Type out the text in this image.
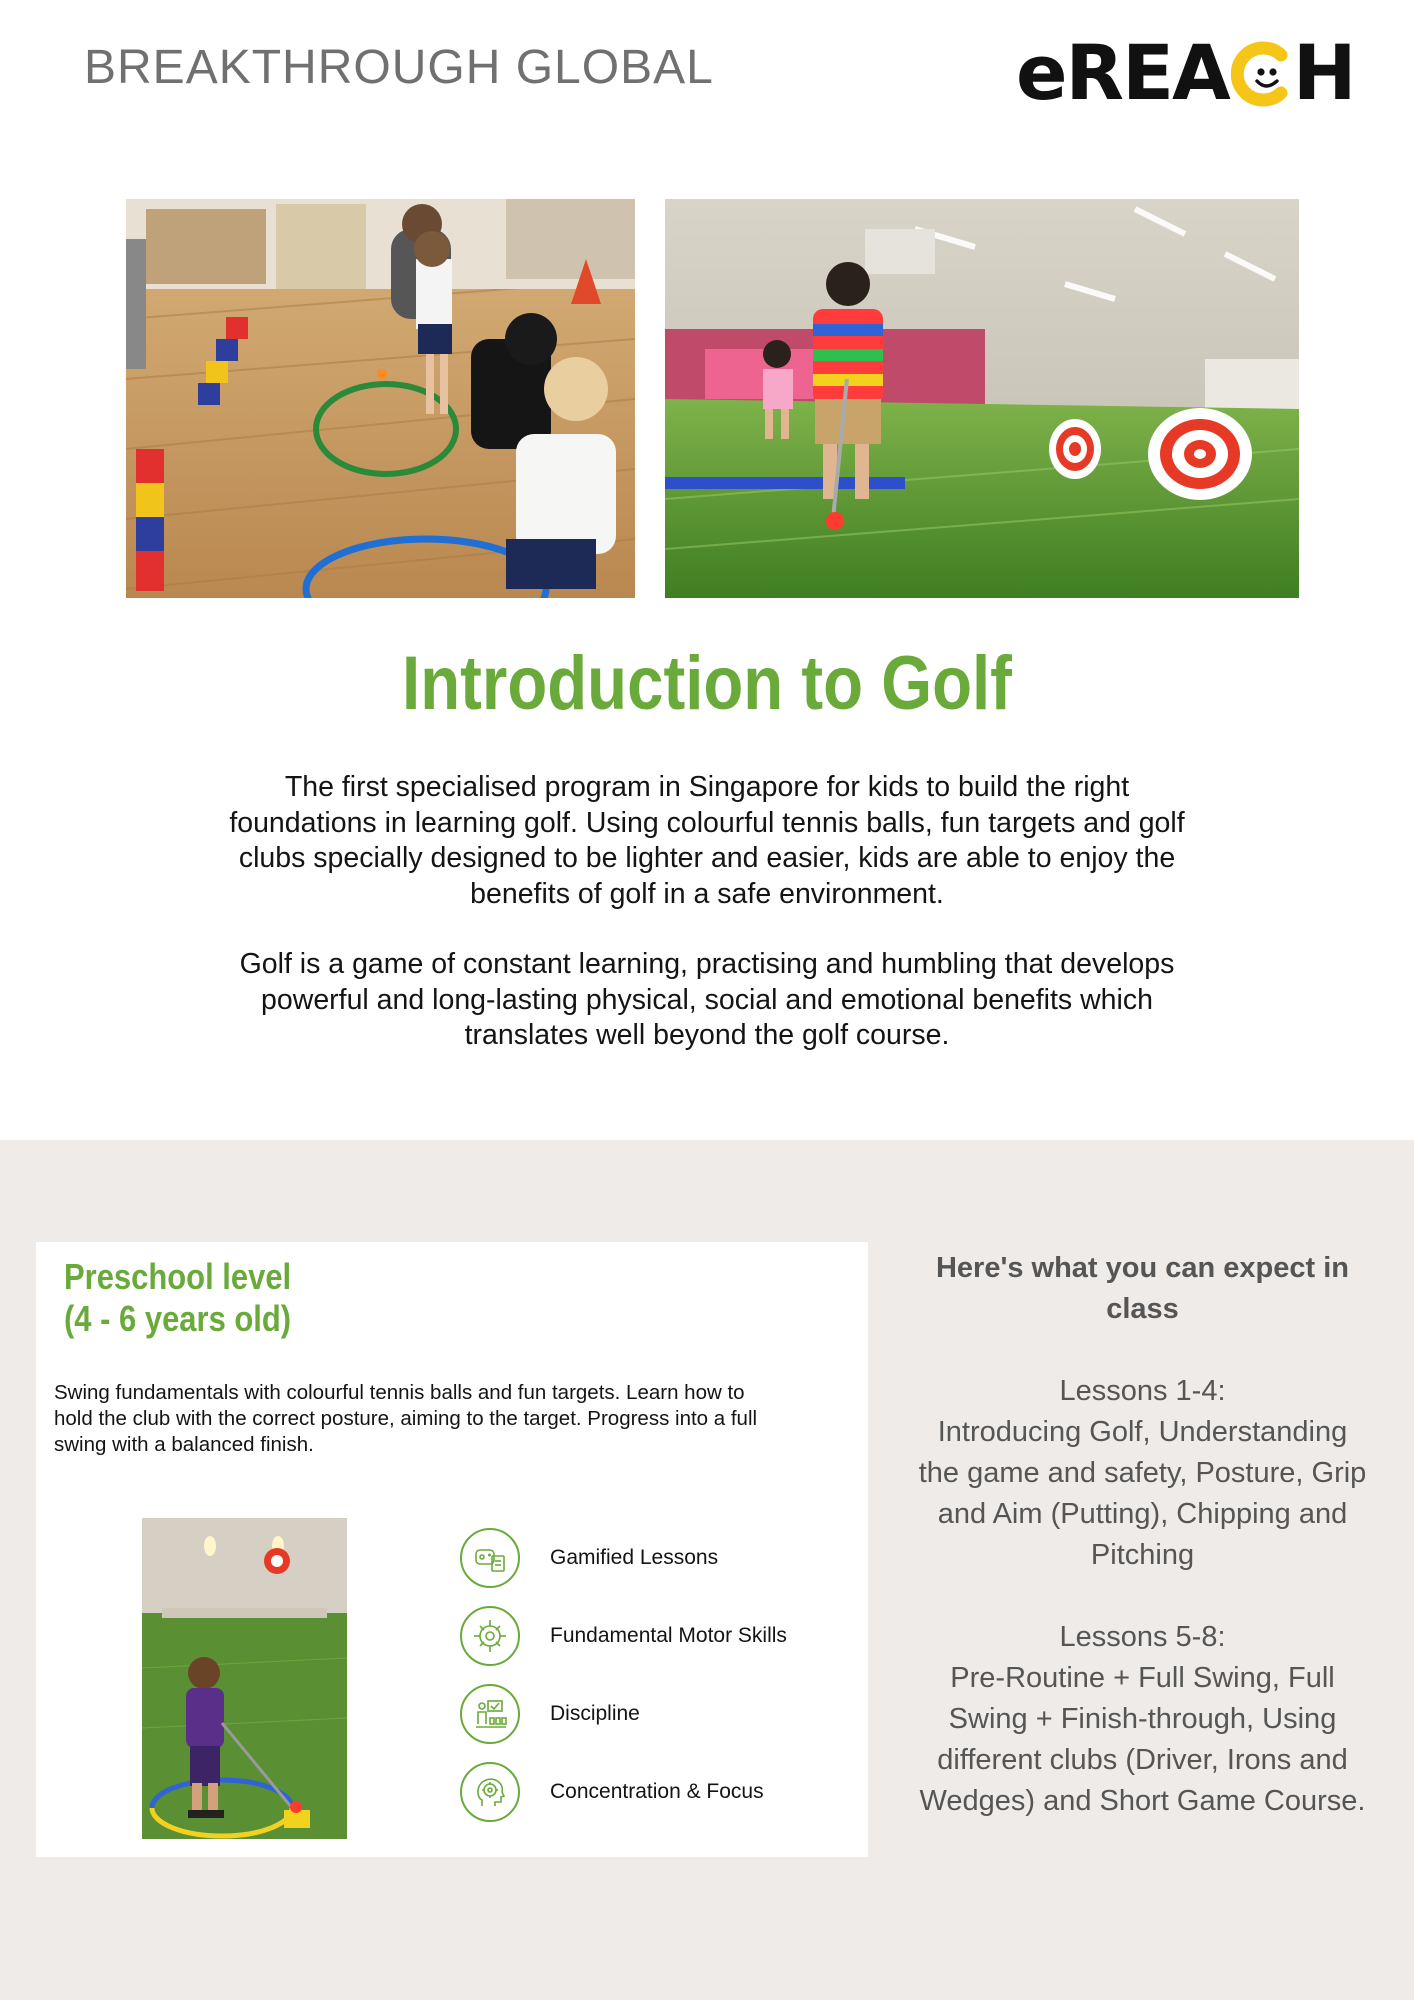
BREAKTHROUGH GLOBAL	eREA H
Introduction to Golf
The first specialised program in Singapore for kids to build the right
foundations in learning golf. Using colourful tennis balls, fun targets and golf
clubs specially designed to be lighter and easier, kids are able to enjoy the
benefits of golf in a safe environment.
Golf is a game of constant learning, practising and humbling that develops
powerful and long-lasting physical, social and emotional benefits which
translates well beyond the golf course.
Preschool level
(4 - 6 years old)
Swing fundamentals with colourful tennis balls and fun targets. Learn how to
hold the club with the correct posture, aiming to the target. Progress into a full
swing with a balanced finish.
Gamified Lessons
Fundamental Motor Skills
Discipline
Concentration & Focus

Here's what you can expect in

class

Lessons 1-4:

Introducing Golf, Understanding

the game and safety, Posture, Grip

and Aim (Putting), Chipping and

Pitching

Lessons 5-8:

Pre-Routine + Full Swing, Full

Swing + Finish-through, Using

different clubs (Driver, Irons and

Wedges) and Short Game Course.
